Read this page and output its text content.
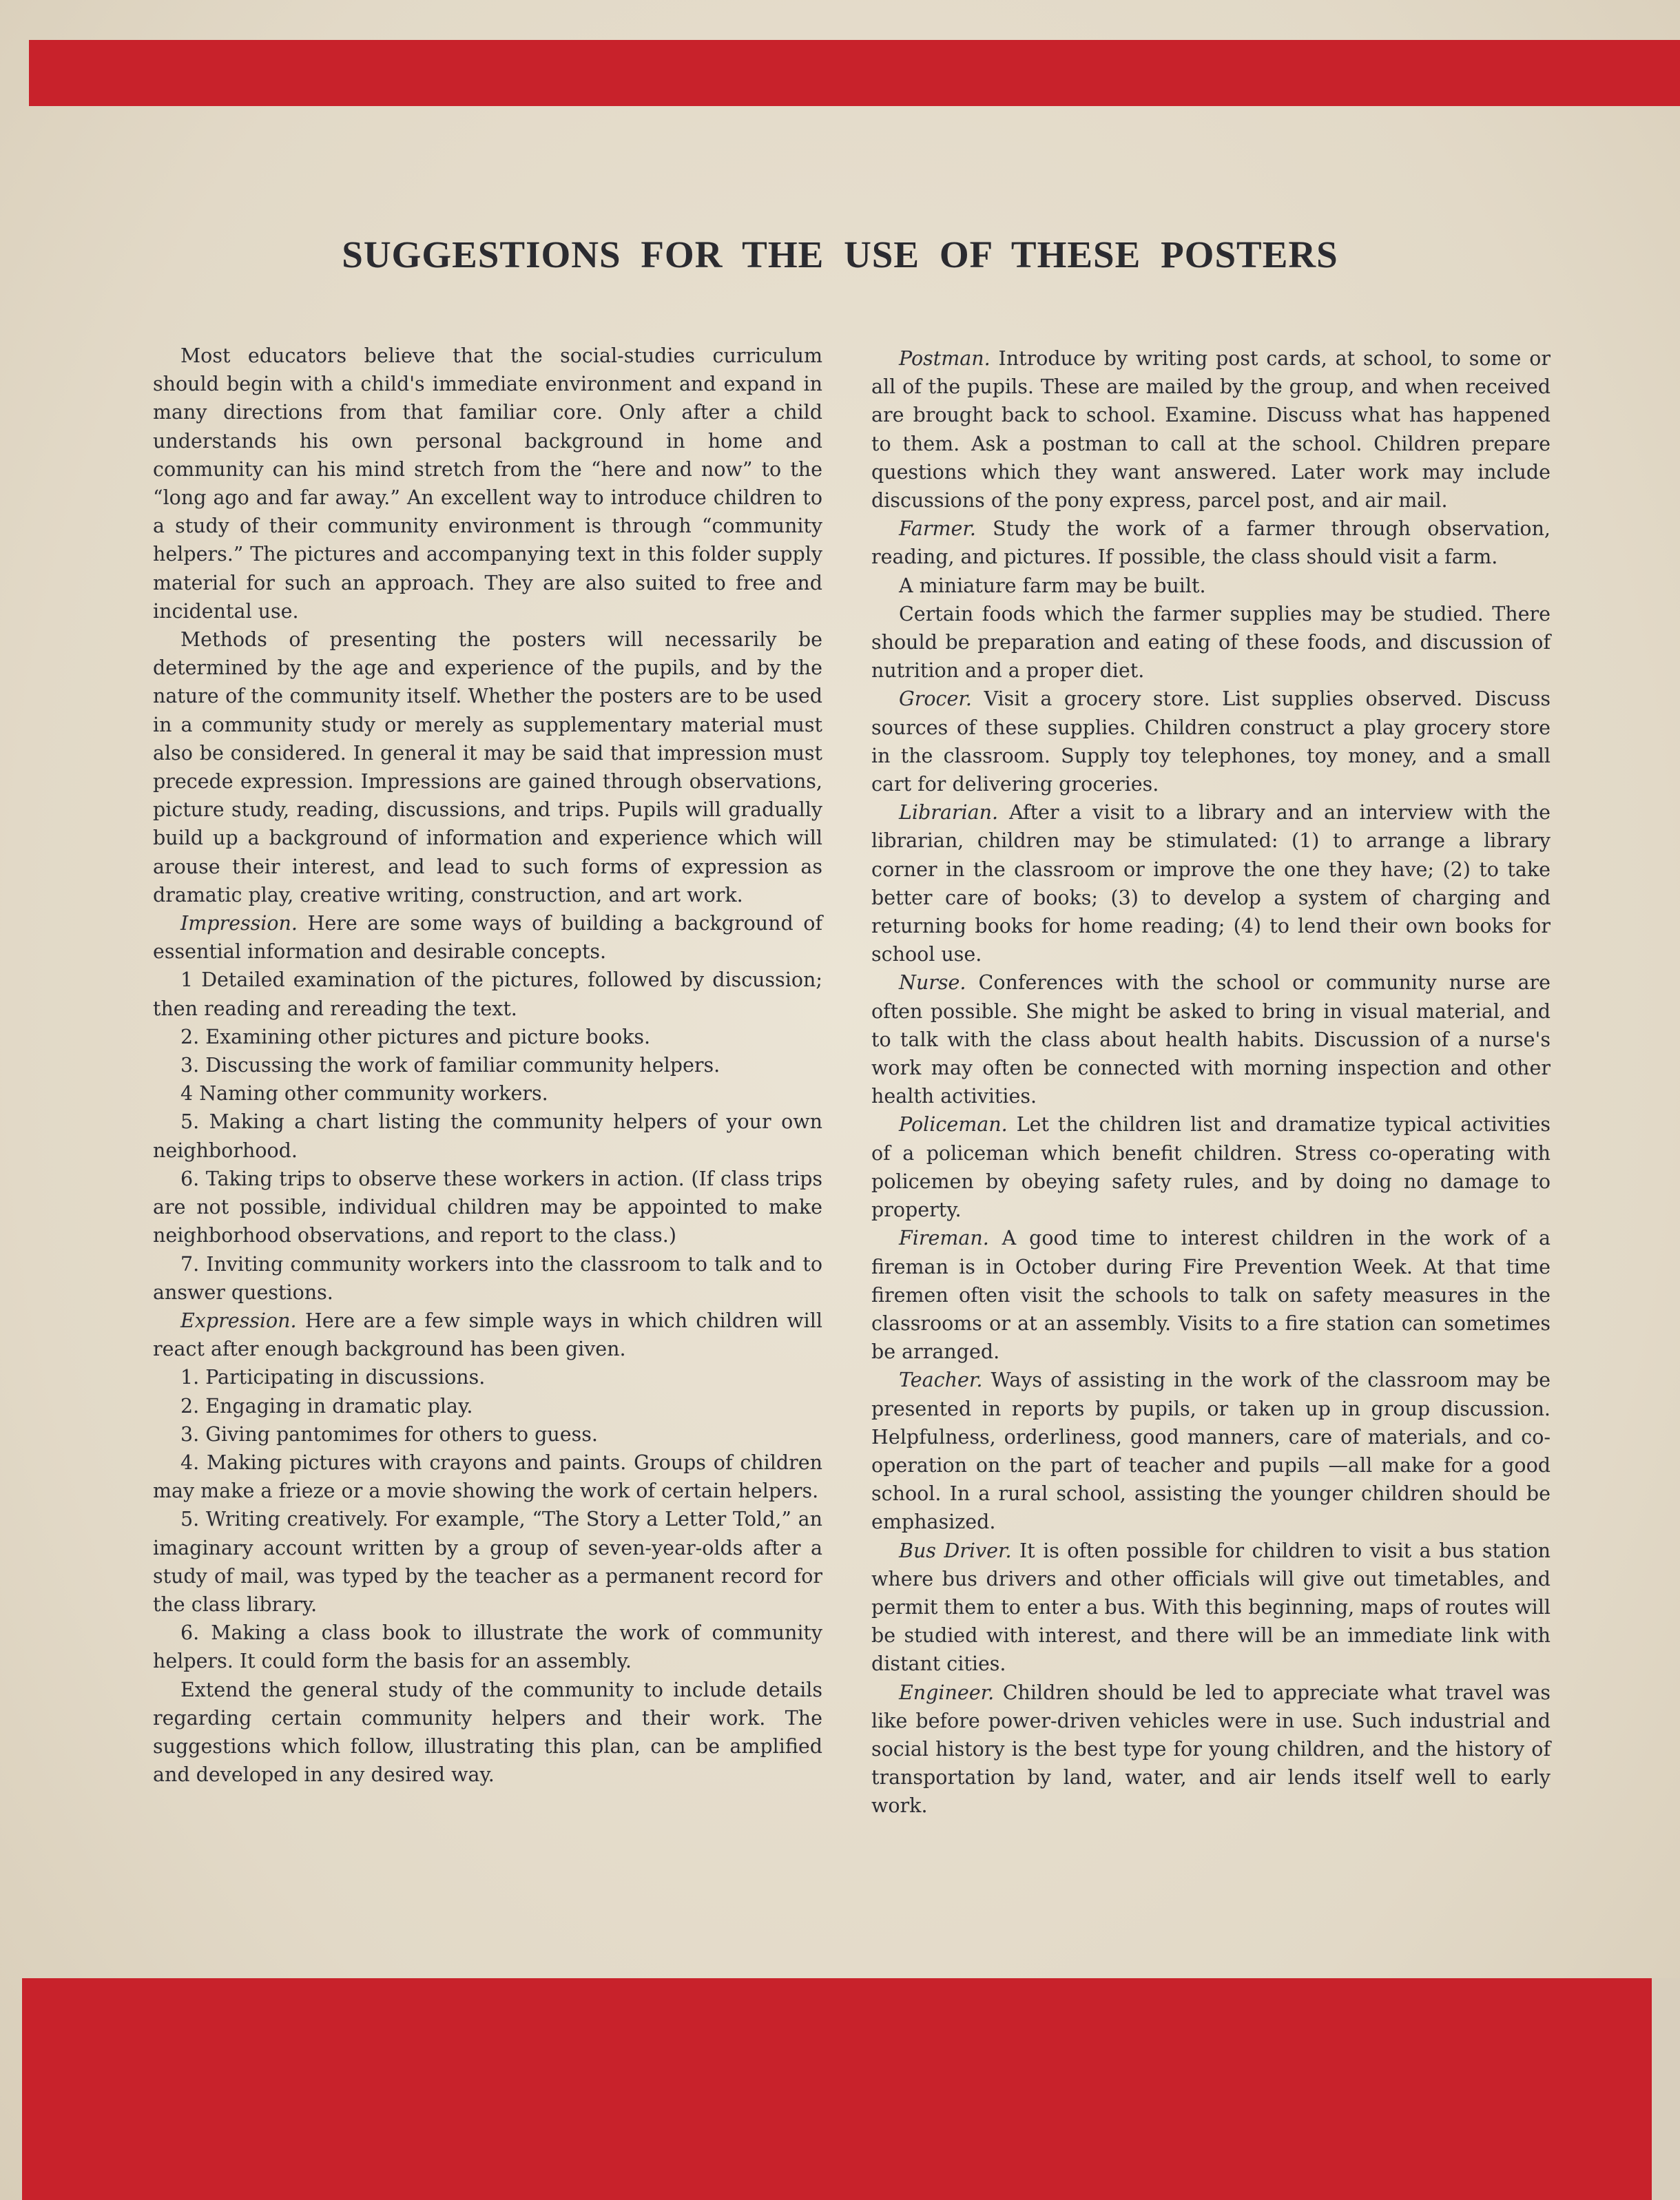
SUGGESTIONS FOR THE USE OF THESE POSTERS

Most educators believe that the social-studies curriculum should begin with a child's immediate environment and expand in many directions from that familiar core. Only after a child understands his own personal background in home and community can his mind stretch from the “here and now” to the “long ago and far away.” An excellent way to introduce children to a study of their community environment is through “community helpers.” The pictures and accompanying text in this folder supply material for such an approach. They are also suited to free and incidental use.

Methods of presenting the posters will necessarily be determined by the age and experience of the pupils, and by the nature of the community itself. Whether the posters are to be used in a community study or merely as supplementary material must also be considered. In general it may be said that impression must precede expression. Impressions are gained through observations, picture study, reading, discussions, and trips. Pupils will gradually build up a background of information and experience which will arouse their interest, and lead to such forms of expression as dramatic play, creative writing, construction, and art work.

Impression. Here are some ways of building a background of essential information and desirable concepts.

1 Detailed examination of the pictures, followed by discussion; then reading and rereading the text.

2. Examining other pictures and picture books.

3. Discussing the work of familiar community helpers.

4 Naming other community workers.

5. Making a chart listing the community helpers of your own neighborhood.

6. Taking trips to observe these workers in action. (If class trips are not possible, individual children may be appointed to make neighborhood observations, and report to the class.)

7. Inviting community workers into the classroom to talk and to answer questions.

Expression. Here are a few simple ways in which children will react after enough background has been given.

1. Participating in discussions.

2. Engaging in dramatic play.

3. Giving pantomimes for others to guess.

4. Making pictures with crayons and paints. Groups of children may make a frieze or a movie showing the work of certain helpers.

5. Writing creatively. For example, “The Story a Letter Told,” an imaginary account written by a group of seven-year-olds after a study of mail, was typed by the teacher as a permanent record for the class library.

6. Making a class book to illustrate the work of community helpers. It could form the basis for an assembly.

Extend the general study of the community to include details regarding certain community helpers and their work. The suggestions which follow, illustrating this plan, can be amplified and developed in any desired way.

Postman. Introduce by writing post cards, at school, to some or all of the pupils. These are mailed by the group, and when received are brought back to school. Examine. Discuss what has happened to them. Ask a postman to call at the school. Children prepare questions which they want answered. Later work may include discussions of the pony express, parcel post, and air mail.

Farmer. Study the work of a farmer through observation, reading, and pictures. If possible, the class should visit a farm.

A miniature farm may be built.

Certain foods which the farmer supplies may be studied. There should be preparation and eating of these foods, and discussion of nutrition and a proper diet.

Grocer. Visit a grocery store. List supplies observed. Discuss sources of these supplies. Children construct a play grocery store in the classroom. Supply toy telephones, toy money, and a small cart for delivering groceries.

Librarian. After a visit to a library and an interview with the librarian, children may be stimulated: (1) to arrange a library corner in the classroom or improve the one they have; (2) to take better care of books; (3) to develop a system of charging and returning books for home reading; (4) to lend their own books for school use.

Nurse. Conferences with the school or community nurse are often possible. She might be asked to bring in visual material, and to talk with the class about health habits. Discussion of a nurse's work may often be connected with morning inspection and other health activities.

Policeman. Let the children list and dramatize typical activities of a policeman which benefit children. Stress co-operating with policemen by obeying safety rules, and by doing no damage to property.

Fireman. A good time to interest children in the work of a fireman is in October during Fire Prevention Week. At that time firemen often visit the schools to talk on safety measures in the classrooms or at an assembly. Visits to a fire station can sometimes be arranged.

Teacher. Ways of assisting in the work of the classroom may be presented in reports by pupils, or taken up in group discussion. Helpfulness, orderliness, good manners, care of materials, and co-operation on the part of teacher and pupils —all make for a good school. In a rural school, assisting the younger children should be emphasized.

Bus Driver. It is often possible for children to visit a bus station where bus drivers and other officials will give out timetables, and permit them to enter a bus. With this beginning, maps of routes will be studied with interest, and there will be an immediate link with distant cities.

Engineer. Children should be led to appreciate what travel was like before power-driven vehicles were in use. Such industrial and social history is the best type for young children, and the history of transportation by land, water, and air lends itself well to early work.
